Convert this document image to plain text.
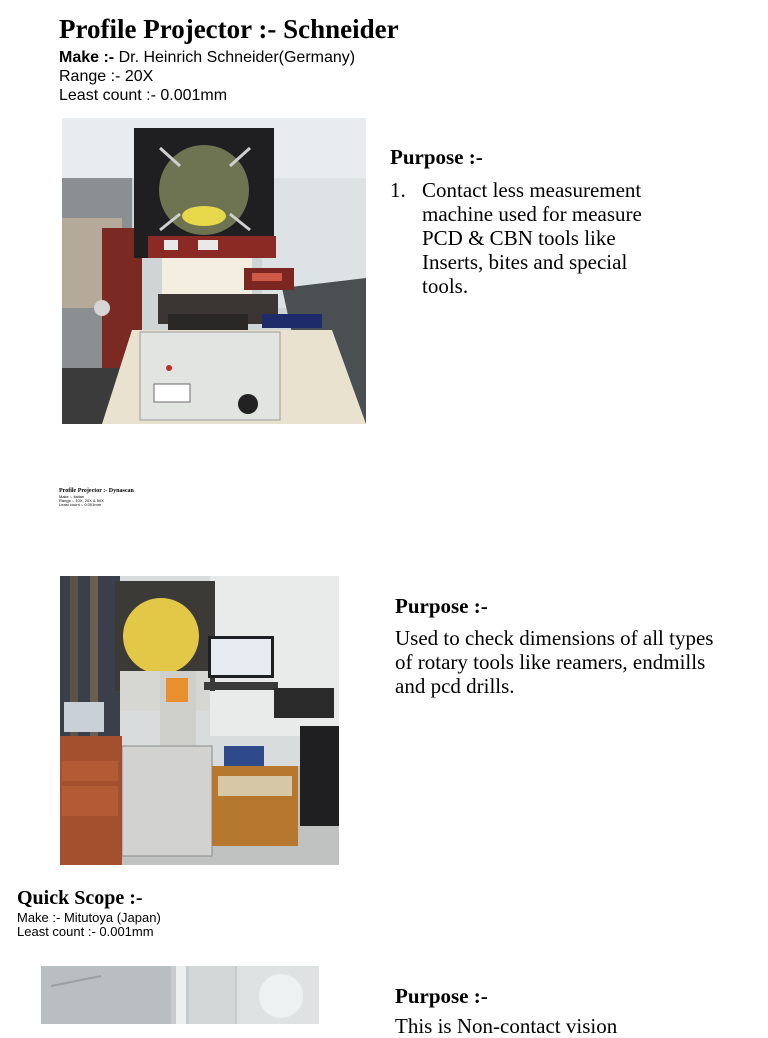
Profile Projector :- Schneider
Make :- Dr. Heinrich Schneider(Germany)
Range :- 20X
Least count :- 0.001mm
Purpose :-
1. Contact less measurement machine used for measure PCD & CBN tools like Inserts, bites and special tools.
Profile Projector :- Dynascan
Make :- Italian
Range :- 10X, 20X & 50X
Least count :- 0.001mm
Purpose :-
Used to check dimensions of all types of rotary tools like reamers, endmills and pcd drills.
Quick Scope :-
Make :- Mitutoya (Japan)
Least count :- 0.001mm
Purpose :-
This is Non-contact vision
